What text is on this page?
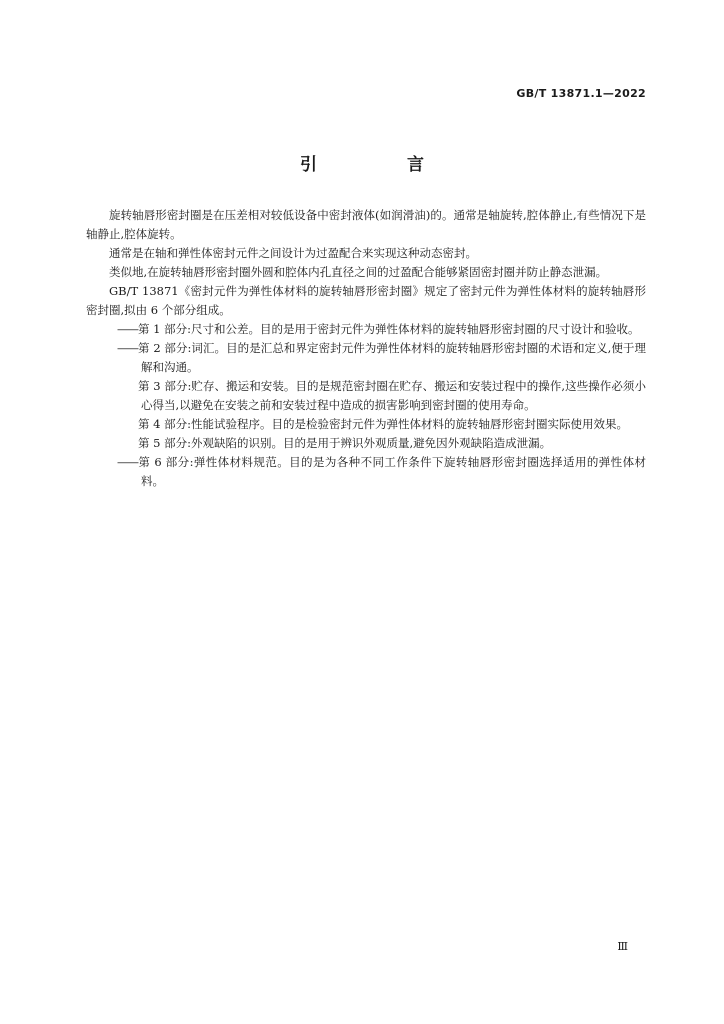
GB/T 13871.1—2022
引 言

旋转轴唇形密封圈是在压差相对较低设备中密封液体(如润滑油)的。通常是轴旋转,腔体静止,有些情况下是轴静止,腔体旋转。

通常是在轴和弹性体密封元件之间设计为过盈配合来实现这种动态密封。

类似地,在旋转轴唇形密封圈外圆和腔体内孔直径之间的过盈配合能够紧固密封圈并防止静态泄漏。

GB/T 13871《密封元件为弹性体材料的旋转轴唇形密封圈》规定了密封元件为弹性体材料的旋转轴唇形密封圈,拟由 6 个部分组成。

——第 1 部分:尺寸和公差。目的是用于密封元件为弹性体材料的旋转轴唇形密封圈的尺寸设计和验收。

——第 2 部分:词汇。目的是汇总和界定密封元件为弹性体材料的旋转轴唇形密封圈的术语和定义,便于理解和沟通。

第 3 部分:贮存、搬运和安装。目的是规范密封圈在贮存、搬运和安装过程中的操作,这些操作必须小心得当,以避免在安装之前和安装过程中造成的损害影响到密封圈的使用寿命。

第 4 部分:性能试验程序。目的是检验密封元件为弹性体材料的旋转轴唇形密封圈实际使用效果。

第 5 部分:外观缺陷的识别。目的是用于辨识外观质量,避免因外观缺陷造成泄漏。

——第 6 部分:弹性体材料规范。目的是为各种不同工作条件下旋转轴唇形密封圈选择适用的弹性体材料。

Ⅲ
